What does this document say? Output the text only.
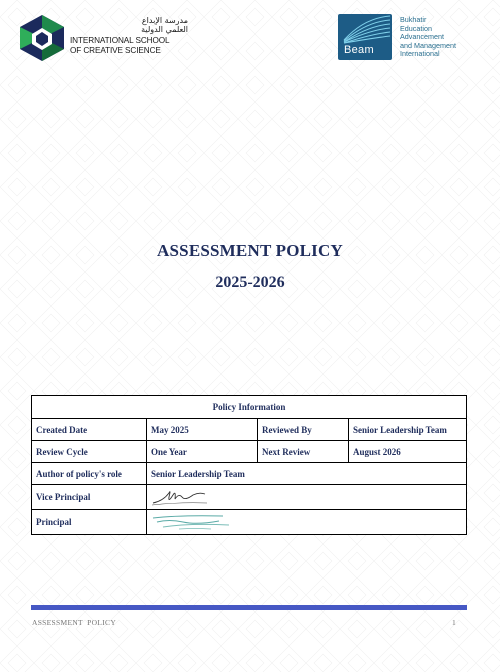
مدرسة الإبداع
العلمي الدولية
INTERNATIONAL SCHOOL
OF CREATIVE SCIENCE	Beam
Bukhatir
Education
Advancement
and Management
International
ASSESSMENT POLICY
2025-2026
Policy Information			
Created Date	May 2025	Reviewed By	Senior Leadership Team
Review Cycle	One Year	Next Review	August 2026
Author of policy's role	Senior Leadership Team		
Vice Principal	

Principal	
ASSESSMENT  POLICY	1
